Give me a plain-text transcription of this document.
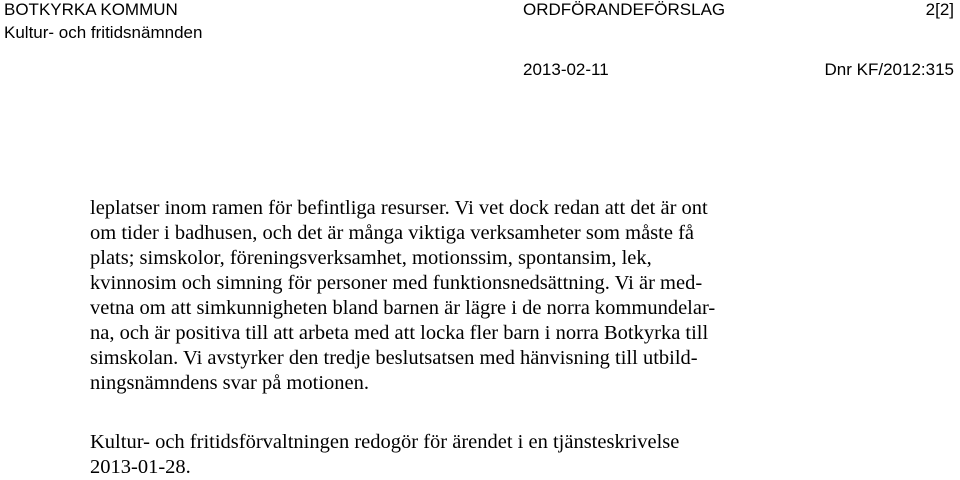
BOTKYRKA KOMMUN
Kultur- och fritidsnämnden
ORDFÖRANDEFÖRSLAG	2[2]
2013-02-11	Dnr KF/2012:315
leplatser inom ramen för befintliga resurser. Vi vet dock redan att det är ont
om tider i badhusen, och det är många viktiga verksamheter som måste få
plats; simskolor, föreningsverksamhet, motionssim, spontansim, lek,
kvinnosim och simning för personer med funktionsnedsättning. Vi är med-
vetna om att simkunnigheten bland barnen är lägre i de norra kommundelar-
na, och är positiva till att arbeta med att locka fler barn i norra Botkyrka till
simskolan. Vi avstyrker den tredje beslutsatsen med hänvisning till utbild-
ningsnämndens svar på motionen.
Kultur- och fritidsförvaltningen redogör för ärendet i en tjänsteskrivelse
2013-01-28.
